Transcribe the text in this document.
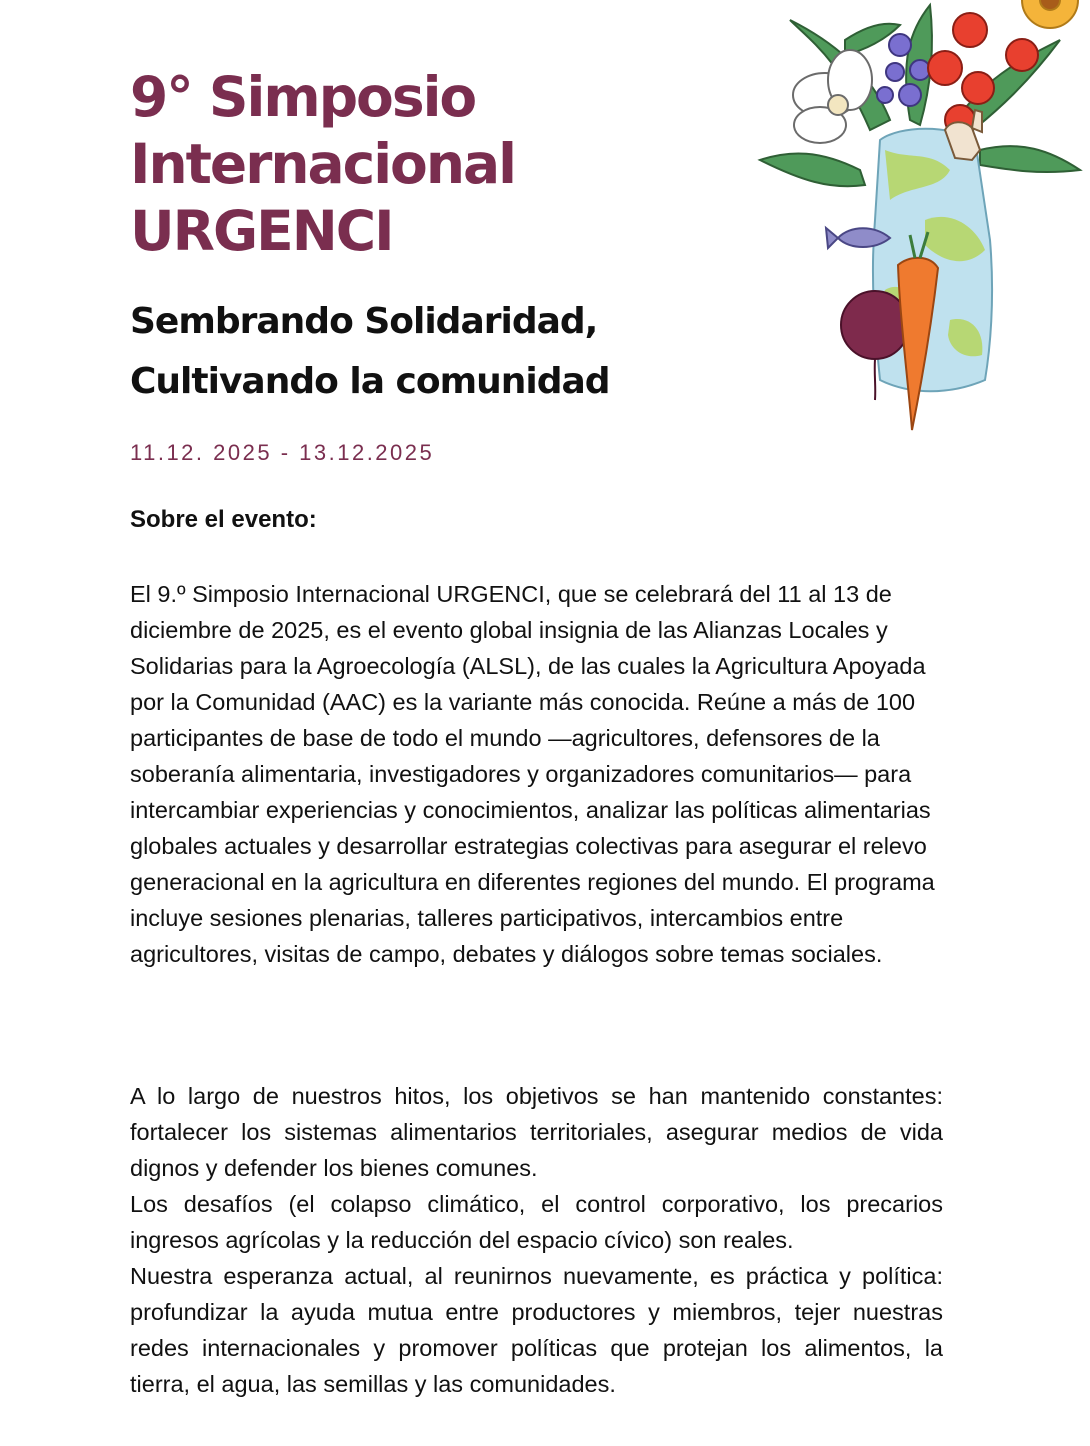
9° Simposio
Internacional
URGENCI
Sembrando Solidaridad,
Cultivando la comunidad
11.12. 2025 - 13.12.2025
Sobre el evento:

El 9.º Simposio Internacional URGENCI, que se celebrará del 11 al 13 de diciembre de 2025, es el evento global insignia de las Alianzas Locales y Solidarias para la Agroecología (ALSL), de las cuales la Agricultura Apoyada por la Comunidad (AAC) es la variante más conocida. Reúne a más de 100 participantes de base de todo el mundo —agricultores, defensores de la soberanía alimentaria, investigadores y organizadores comunitarios— para intercambiar experiencias y conocimientos, analizar las políticas alimentarias globales actuales y desarrollar estrategias colectivas para asegurar el relevo generacional en la agricultura en diferentes regiones del mundo. El programa incluye sesiones plenarias, talleres participativos, intercambios entre agricultores, visitas de campo, debates y diálogos sobre temas sociales.

A lo largo de nuestros hitos, los objetivos se han mantenido constantes: fortalecer los sistemas alimentarios territoriales, asegurar medios de vida dignos y defender los bienes comunes.
Los desafíos (el colapso climático, el control corporativo, los precarios ingresos agrícolas y la reducción del espacio cívico) son reales.
Nuestra esperanza actual, al reunirnos nuevamente, es práctica y política: profundizar la ayuda mutua entre productores y miembros, tejer nuestras redes internacionales y promover políticas que protejan los alimentos, la tierra, el agua, las semillas y las comunidades.
